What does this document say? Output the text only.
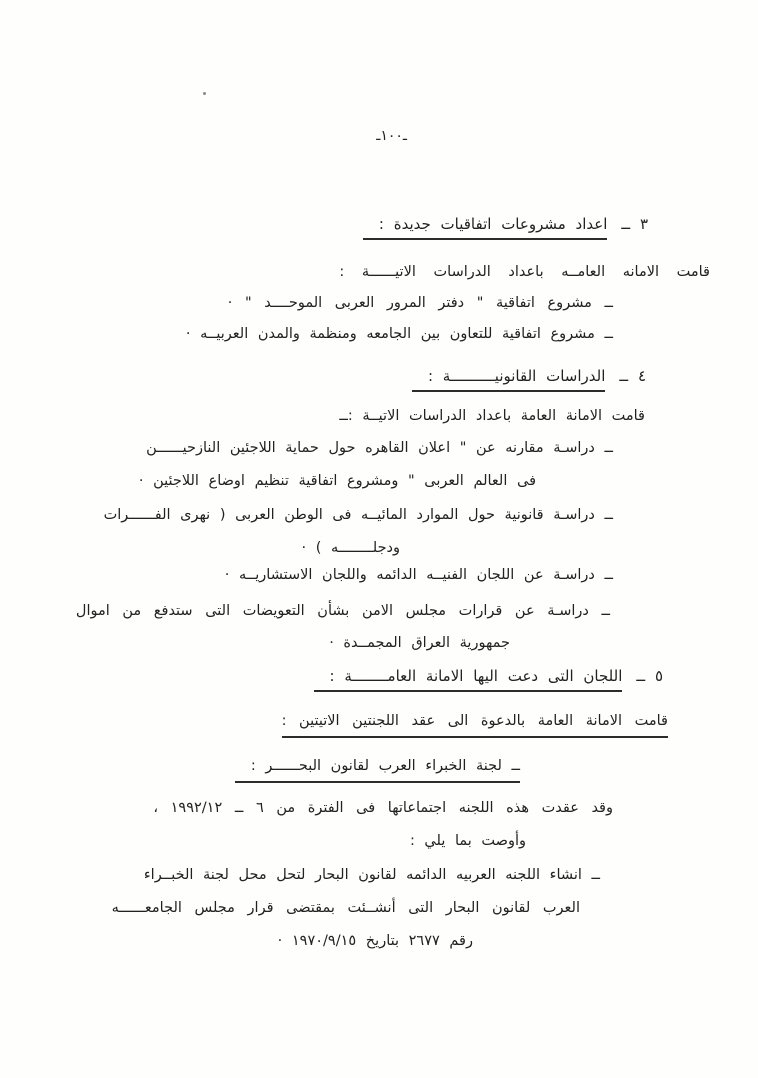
ـ١٠٠ـ
٣ ــاعداد مشروعات اتفاقيات جديدة :
قامت الامانه العامــه باعداد الدراسات الاتيــــــة :
ــ مشروع اتفاقية " دفتر المرور العربى الموحــــد " ·
ــ مشروع اتفاقية للتعاون بين الجامعه ومنظمة والمدن العربيــه ·
٤ ــالدراسات القانونيــــــــــة :
قامت الامانة العامة باعداد الدراسات الاتيــة :ــ
ــ دراسـة مقارنه عن " اعلان القاهره حول حماية اللاجئين النازحيــــــن
فى العالم العربى " ومشروع اتفاقية تنظيم اوضاع اللاجئين ·
ــ دراسـة قانونية حول الموارد المائيــه فى الوطن العربى ( نهرى الفــــــرات
ودجلــــــــه ) ·
ــ دراسـة عن اللجان الفنيــه الدائمه واللجان الاستشاريــه ·
ــ دراسـة عن قرارات مجلس الامن بشأن التعويضات التى ستدفع من اموال
جمهورية العراق المجمــدة ·
٥ ــاللجان التى دعت اليها الامانة العامــــــــة :
قامت الامانة العامة بالدعوة الى عقد اللجنتين الاتيتين :
ــ لجنة الخبراء العرب لقانون البحــــــر :
وقد عقدت هذه اللجنه اجتماعاتها فى الفترة من ٦ ــ ١٩٩٢/١٢ ،
وأوصت بما يلي :
ــ انشاء اللجنه العربيه الدائمه لقانون البحار لتحل محل لجنة الخبــراء
العرب لقانون البحار التى أنشــئت بمقتضى قرار مجلس الجامعــــــه
رقم ٢٦٧٧ بتاريخ ١٩٧٠/٩/١٥ ·
